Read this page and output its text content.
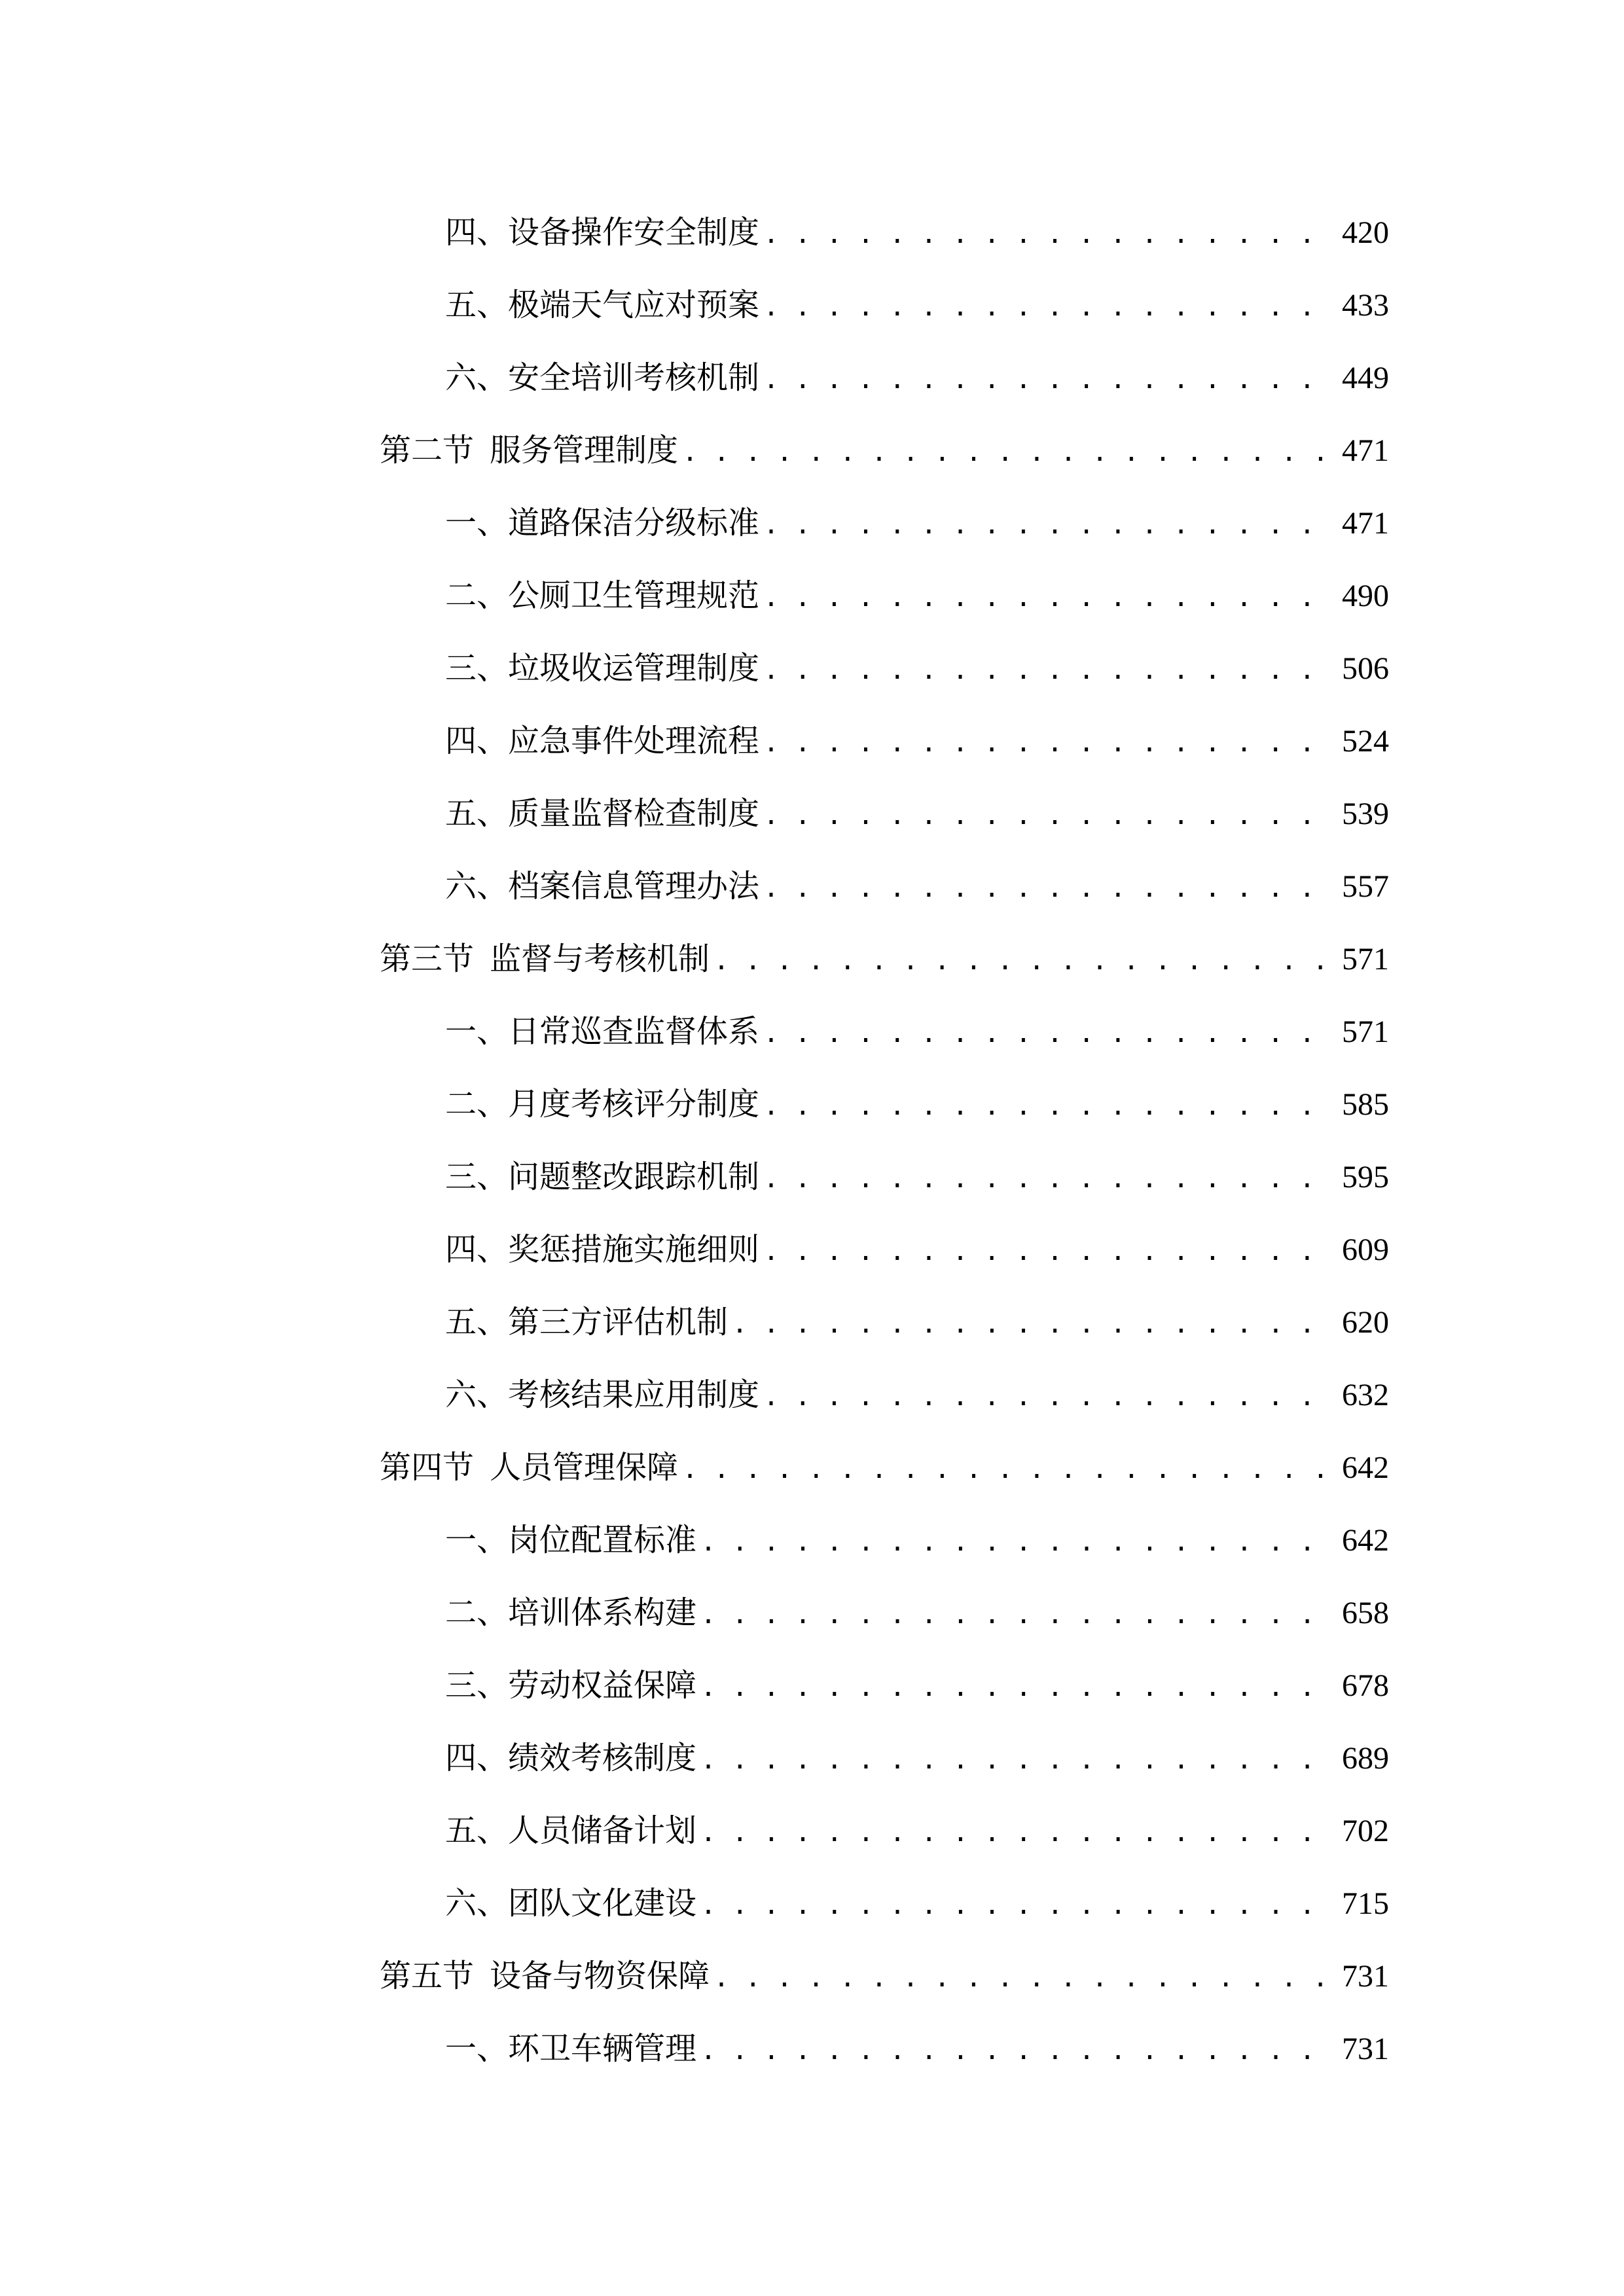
四、 设备操作安全制度 . . .	420
五、 极端天气应对预案 . . .	433
六、 安全培训考核机制 . . .	449
第二节 服务管理制度 . . .	471
一、 道路保洁分级标准 . . .	471
二、 公厕卫生管理规范 . . .	490
三、 垃圾收运管理制度 . . .	506
四、 应急事件处理流程 . . .	524
五、 质量监督检查制度 . . .	539
六、 档案信息管理办法 . . .	557
第三节 监督与考核机制 . . .	571
一、 日常巡查监督体系 . . .	571
二、 月度考核评分制度 . . .	585
三、 问题整改跟踪机制 . . .	595
四、 奖惩措施实施细则 . . .	609
五、 第三方评估机制 . . .	620
六、 考核结果应用制度 . . .	632
第四节 人员管理保障 . . .	642
一、 岗位配置标准 . . .	642
二、 培训体系构建 . . .	658
三、 劳动权益保障 . . .	678
四、 绩效考核制度 . . .	689
五、 人员储备计划 . . .	702
六、 团队文化建设 . . .	715
第五节 设备与物资保障 . . .	731
一、 环卫车辆管理 . . .	731
